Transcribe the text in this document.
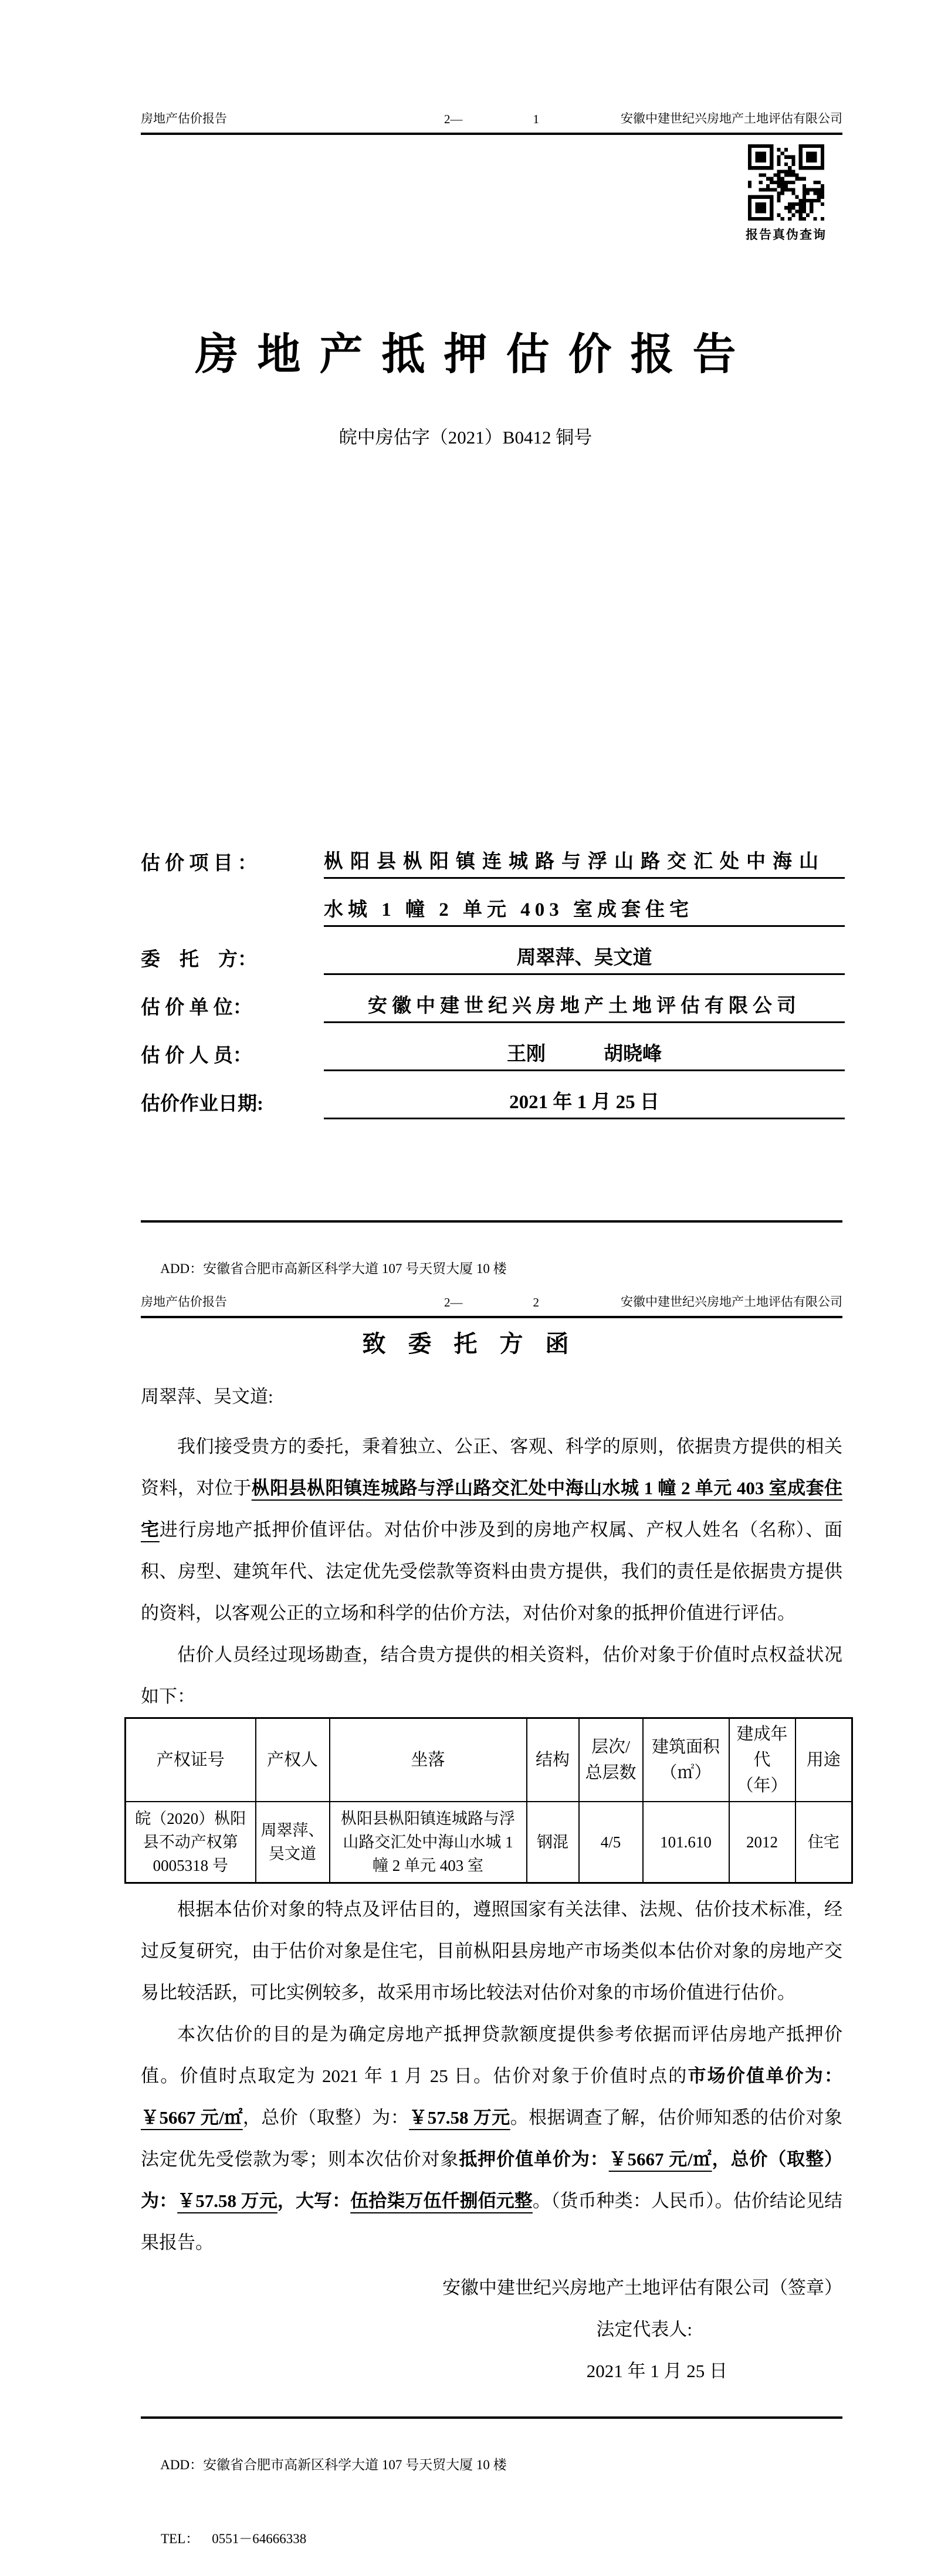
房地产估价报告	2—	1	安徽中建世纪兴房地产土地评估有限公司
报告真伪查询
房地产抵押估价报告
皖中房估字（2021）B0412 铜号
估 价 项 目 ：	枞阳县枞阳镇连城路与浮山路交汇处中海山
水城 1 幢 2 单元 403 室成套住宅
委　托　方：	周翠萍、吴文道
估 价 单 位：	安徽中建世纪兴房地产土地评估有限公司
估 价 人 员：	王刚　　　胡晓峰
估价作业日期:	2021 年 1 月 25 日

ADD：安徽省合肥市高新区科学大道 107 号天贸大厦 10 楼

房地产估价报告	2—	2	安徽中建世纪兴房地产土地评估有限公司
致委托方函
周翠萍、吴文道:

我们接受贵方的委托，秉着独立、公正、客观、科学的原则，依据贵方提供的相关资料，对位于枞阳县枞阳镇连城路与浮山路交汇处中海山水城 1 幢 2 单元 403 室成套住宅进行房地产抵押价值评估。对估价中涉及到的房地产权属、产权人姓名（名称）、面积、房型、建筑年代、法定优先受偿款等资料由贵方提供，我们的责任是依据贵方提供的资料，以客观公正的立场和科学的估价方法，对估价对象的抵押价值进行评估。

估价人员经过现场勘查，结合贵方提供的相关资料，估价对象于价值时点权益状况如下：

产权证号	产权人	坐落	结构	层次/总层数	建筑面积（㎡）	建成年代（年）	用途
皖（2020）枞阳县不动产权第0005318 号	周翠萍、吴文道	枞阳县枞阳镇连城路与浮山路交汇处中海山水城 1 幢 2 单元 403 室	钢混	4/5	101.610	2012	住宅

根据本估价对象的特点及评估目的，遵照国家有关法律、法规、估价技术标准，经过反复研究，由于估价对象是住宅，目前枞阳县房地产市场类似本估价对象的房地产交易比较活跃，可比实例较多，故采用市场比较法对估价对象的市场价值进行估价。

本次估价的目的是为确定房地产抵押贷款额度提供参考依据而评估房地产抵押价值。价值时点取定为 2021 年 1 月 25 日。估价对象于价值时点的市场价值单价为：￥5667 元/㎡，总价（取整）为：￥57.58 万元。根据调查了解，估价师知悉的估价对象法定优先受偿款为零；则本次估价对象抵押价值单价为：￥5667 元/㎡，总价（取整）为：￥57.58 万元，大写：伍拾柒万伍仟捌佰元整。（货币种类：人民币）。估价结论见结果报告。

安徽中建世纪兴房地产土地评估有限公司（签章）
法定代表人:
2021 年 1 月 25 日

ADD：安徽省合肥市高新区科学大道 107 号天贸大厦 10 楼

TEL： 0551－64666338
